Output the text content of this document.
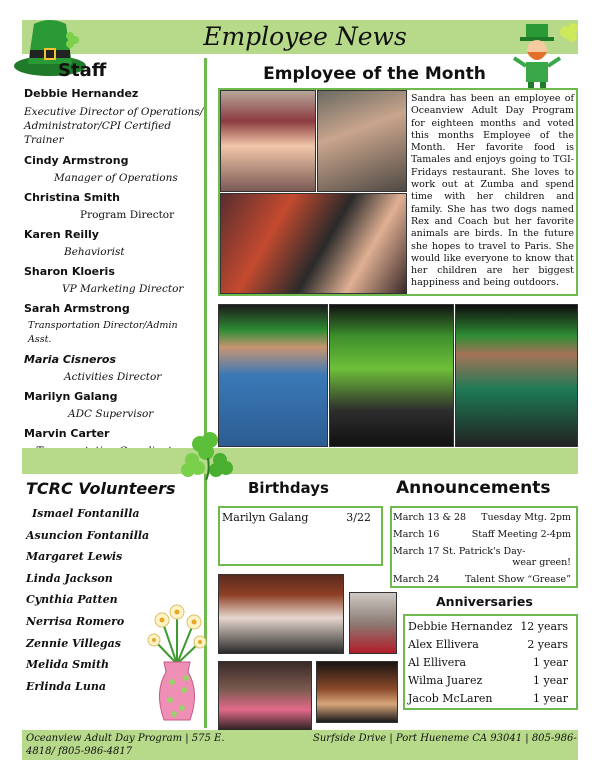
Employee News
Staff
Debbie Hernandez
Executive Director of Operations/
Administrator/CPI Certified Trainer
Cindy Armstrong
Manager of Operations
Christina Smith
Program Director
Karen Reilly
Behaviorist
Sharon Kloeris
VP Marketing Director
Sarah Armstrong
Transportation Director/Admin Asst.
Maria Cisneros
Activities Director
Marilyn Galang
ADC Supervisor
Marvin Carter
Employee of the Month
Sandra has been an employee of Oceanview Adult Day Program for eighteen months and voted this months Employee of the Month. Her favorite food is Tamales and enjoys going to TGI-Fridays restaurant. She loves to work out at Zumba and spend time with her children and family. She has two dogs named Rex and Coach but her favorite animals are birds. In the future she hopes to travel to Paris. She would like everyone to know that her children are her biggest happiness and being outdoors.
TCRC Volunteers
Ismael Fontanilla
Asuncion Fontanilla
Margaret Lewis
Linda Jackson
Cynthia Patten
Nerrisa Romero
Zennie Villegas
Melida Smith
Erlinda Luna
Birthdays
Marilyn Galang	3/22
Announcements
March 13 & 28 Tuesday Mtg. 2pm
March 16	Staff Meeting 2-4pm
March 17 St. Patrick's Day-
wear green!
March 24	Talent Show “Grease”
Anniversaries
Debbie Hernandez 12 years
Alex Ellivera	2 years
Al Ellivera	1 year
Wilma Juarez	1 year
Jacob McLaren	1 year
Oceanview Adult Day Program | 575 E.	Surfside Drive | Port Hueneme CA 93041 | 805-986-
4818/ f805-986-4817
